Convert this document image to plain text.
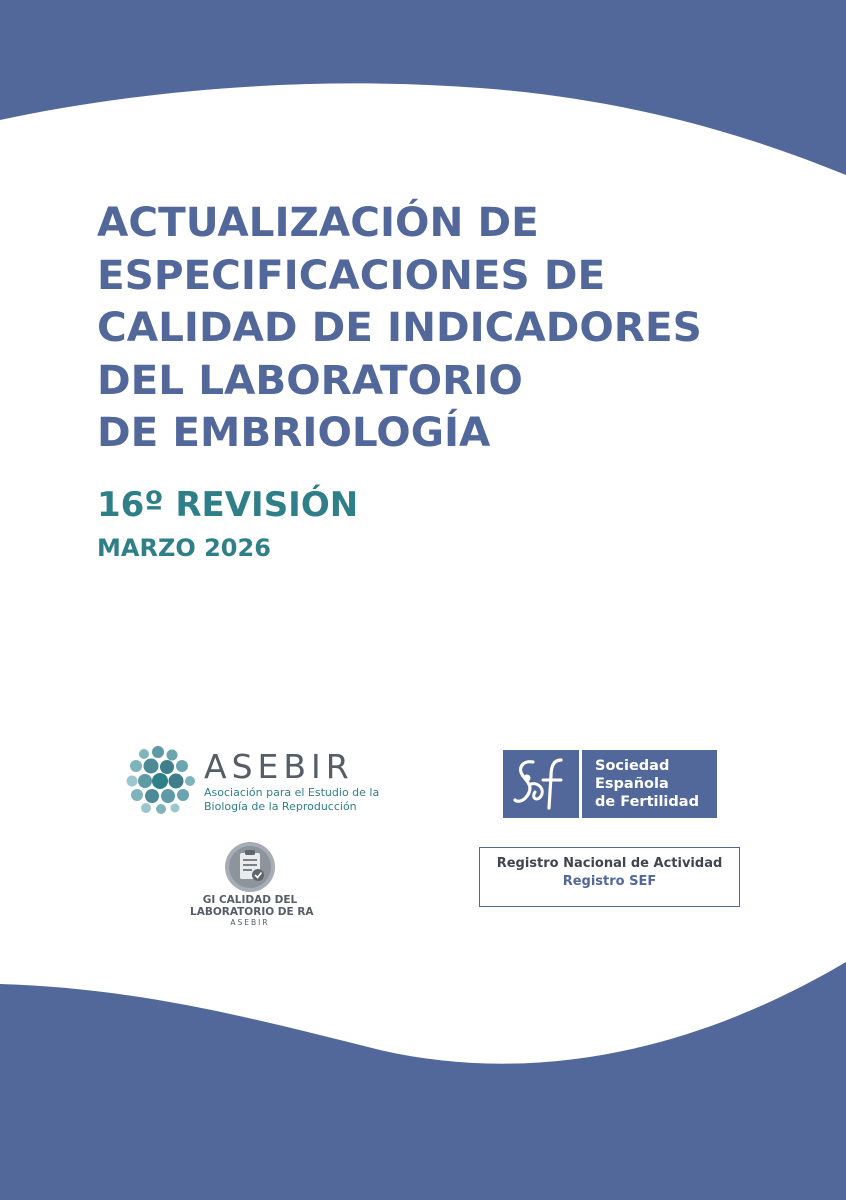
ACTUALIZACIÓN DE
ESPECIFICACIONES DE
CALIDAD DE INDICADORES
DEL LABORATORIO
DE EMBRIOLOGÍA
16º REVISIÓN
MARZO 2026
ASEBIR
Asociación para el Estudio de la
Biología de la Reproducción
GI CALIDAD DEL
LABORATORIO DE RA
ASEBIR
Sociedad
Española
de Fertilidad
Registro Nacional de Actividad
Registro SEF
